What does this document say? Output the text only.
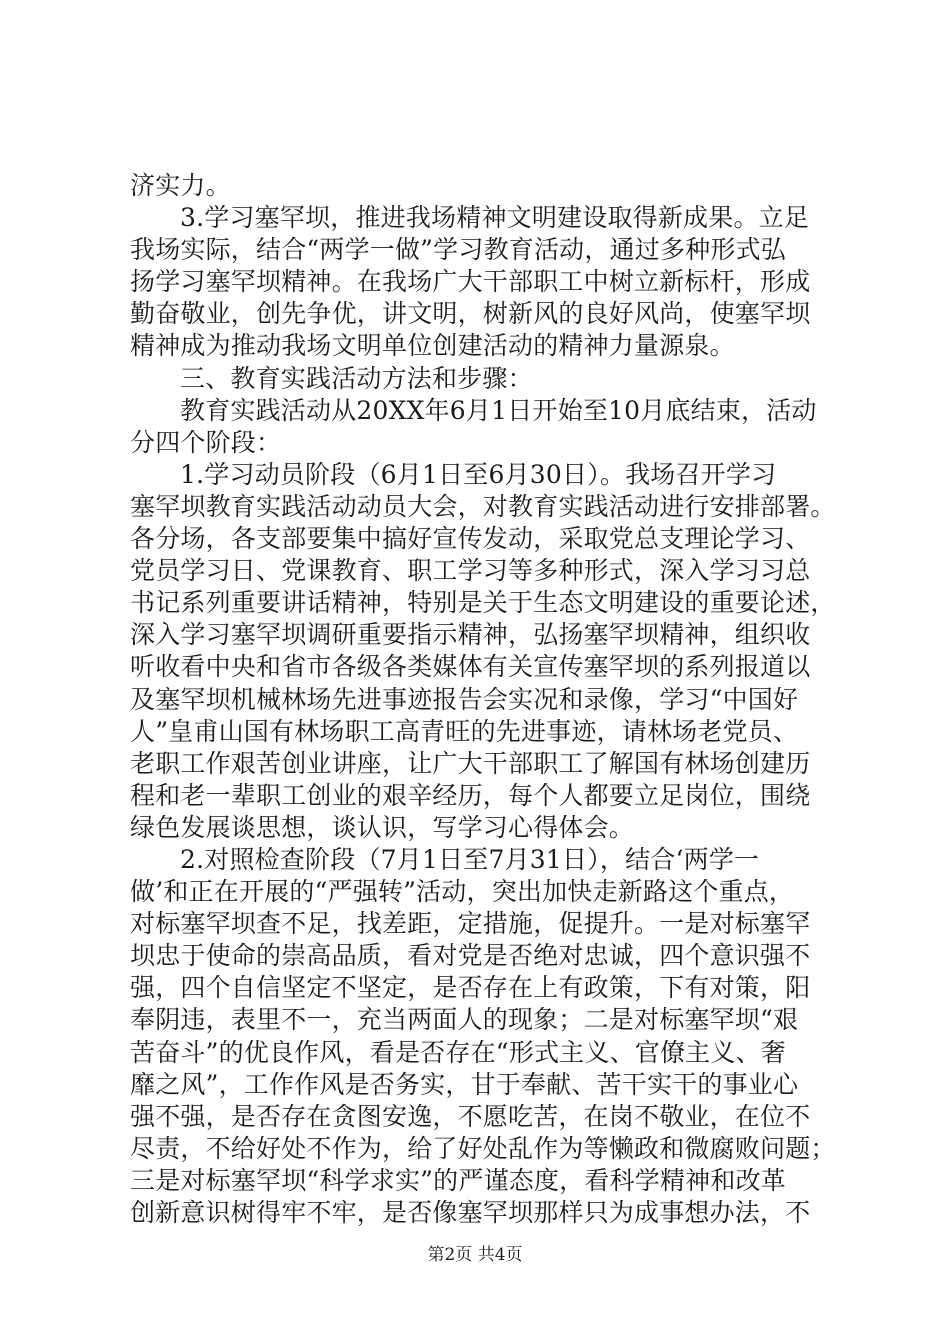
济实力。

3.学习塞罕坝，推进我场精神文明建设取得新成果。立足

我场实际，结合“两学一做”学习教育活动，通过多种形式弘

扬学习塞罕坝精神。在我场广大干部职工中树立新标杆，形成

勤奋敬业，创先争优，讲文明，树新风的良好风尚，使塞罕坝

精神成为推动我场文明单位创建活动的精神力量源泉。

三、教育实践活动方法和步骤：

教育实践活动从20XX年6月1日开始至10月底结束，活动

分四个阶段：

1.学习动员阶段（6月1日至6月30日）。我场召开学习

塞罕坝教育实践活动动员大会，对教育实践活动进行安排部署。

各分场，各支部要集中搞好宣传发动，采取党总支理论学习、

党员学习日、党课教育、职工学习等多种形式，深入学习习总

书记系列重要讲话精神，特别是关于生态文明建设的重要论述，

深入学习塞罕坝调研重要指示精神，弘扬塞罕坝精神，组织收

听收看中央和省市各级各类媒体有关宣传塞罕坝的系列报道以

及塞罕坝机械林场先进事迹报告会实况和录像，学习“中国好

人”皇甫山国有林场职工高青旺的先进事迹，请林场老党员、

老职工作艰苦创业讲座，让广大干部职工了解国有林场创建历

程和老一辈职工创业的艰辛经历，每个人都要立足岗位，围绕

绿色发展谈思想，谈认识，写学习心得体会。

2.对照检查阶段（7月1日至7月31日），结合‘两学一

做’和正在开展的“严强转”活动，突出加快走新路这个重点，

对标塞罕坝查不足，找差距，定措施，促提升。一是对标塞罕

坝忠于使命的崇高品质，看对党是否绝对忠诚，四个意识强不

强，四个自信坚定不坚定，是否存在上有政策，下有对策，阳

奉阴违，表里不一，充当两面人的现象；二是对标塞罕坝“艰

苦奋斗”的优良作风，看是否存在“形式主义、官僚主义、奢

靡之风”，工作作风是否务实，甘于奉献、苦干实干的事业心

强不强，是否存在贪图安逸，不愿吃苦，在岗不敬业，在位不

尽责，不给好处不作为，给了好处乱作为等懒政和微腐败问题；

三是对标塞罕坝“科学求实”的严谨态度，看科学精神和改革

创新意识树得牢不牢，是否像塞罕坝那样只为成事想办法，不

第2页 共4页
